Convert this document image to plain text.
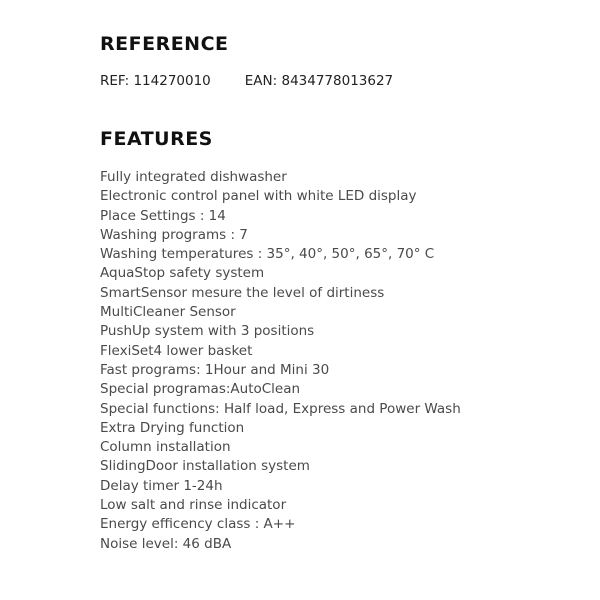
REFERENCE
REF: 114270010	EAN: 8434778013627
FEATURES
Fully integrated dishwasher
Electronic control panel with white LED display
Place Settings : 14
Washing programs : 7
Washing temperatures : 35°, 40°, 50°, 65°, 70° C
AquaStop safety system
SmartSensor mesure the level of dirtiness
MultiCleaner Sensor
PushUp system with 3 positions
FlexiSet4 lower basket
Fast programs: 1Hour and Mini 30
Special programas:AutoClean
Special functions: Half load, Express and Power Wash
Extra Drying function
Column installation
SlidingDoor installation system
Delay timer 1-24h
Low salt and rinse indicator
Energy efficency class : A++
Noise level: 46 dBA
